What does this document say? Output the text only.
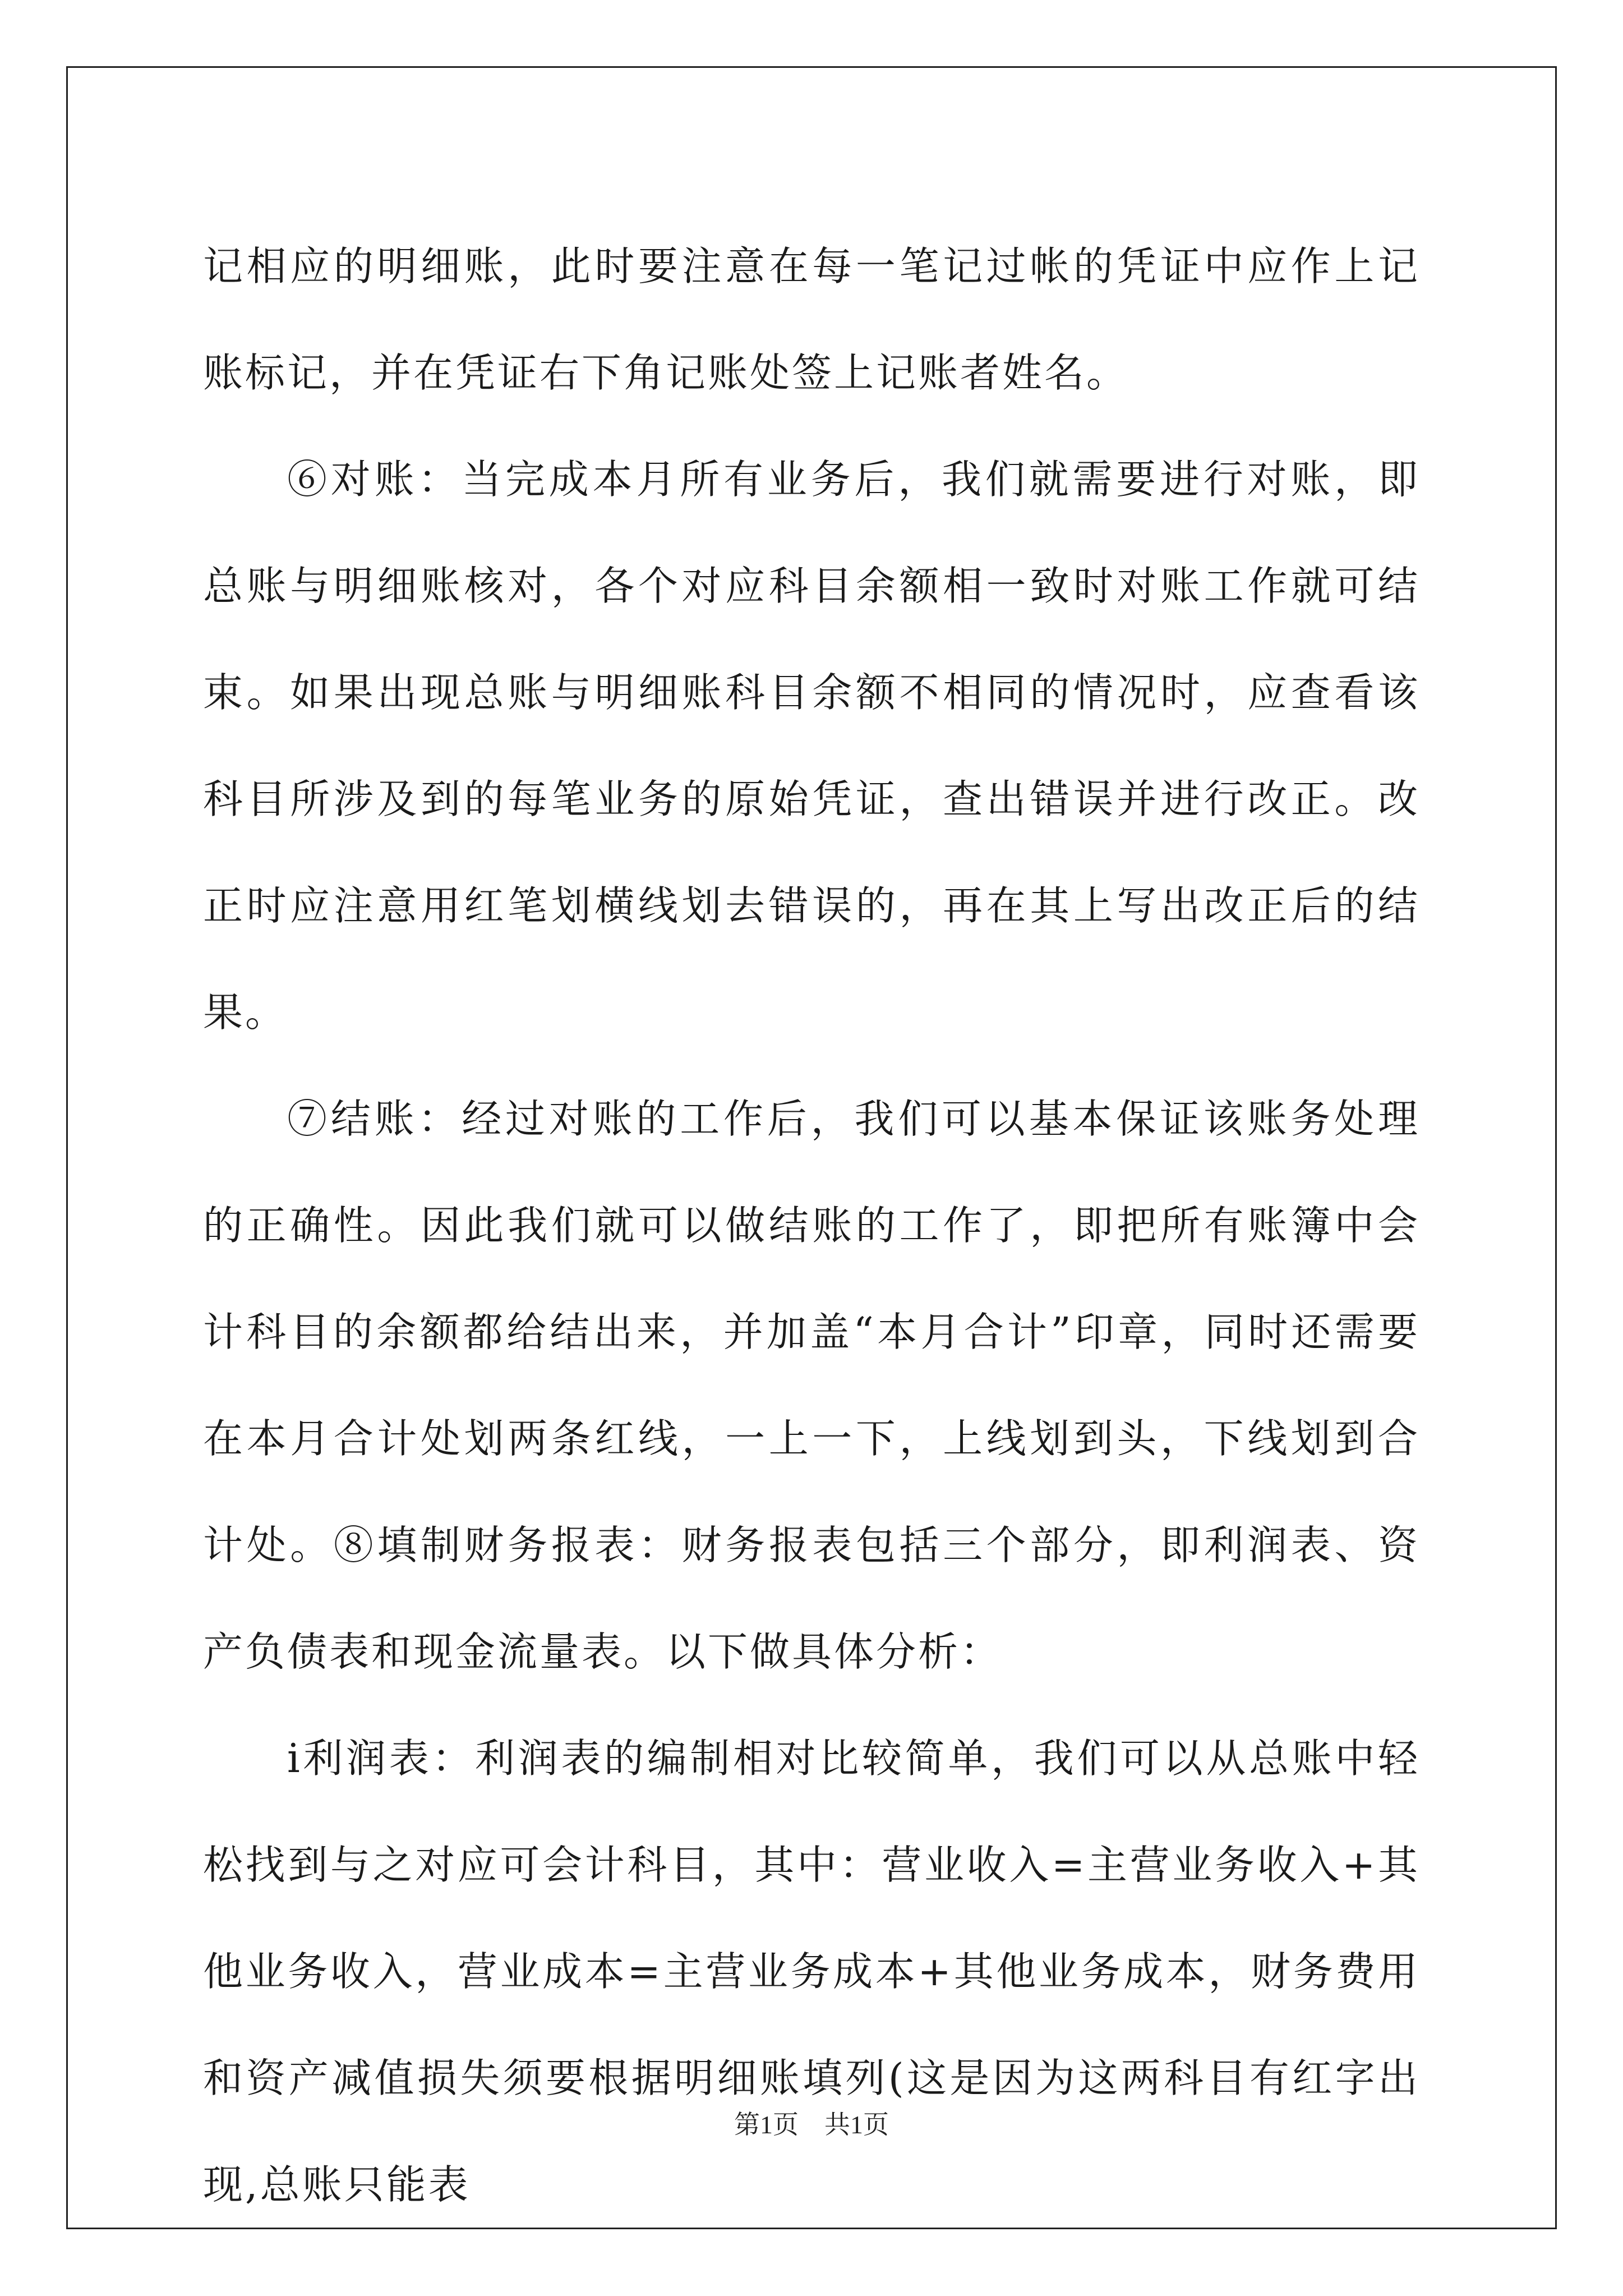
记相应的明细账，此时要注意在每一笔记过帐的凭证中应作上记账标记，并在凭证右下角记账处签上记账者姓名。

⑥对账：当完成本月所有业务后，我们就需要进行对账，即总账与明细账核对，各个对应科目余额相一致时对账工作就可结束。如果出现总账与明细账科目余额不相同的情况时，应查看该科目所涉及到的每笔业务的原始凭证，查出错误并进行改正。改正时应注意用红笔划横线划去错误的，再在其上写出改正后的结果。

⑦结账：经过对账的工作后，我们可以基本保证该账务处理的正确性。因此我们就可以做结账的工作了，即把所有账簿中会计科目的余额都给结出来，并加盖“本月合计”印章，同时还需要在本月合计处划两条红线，一上一下，上线划到头，下线划到合计处。⑧填制财务报表：财务报表包括三个部分，即利润表、资产负债表和现金流量表。以下做具体分析：

ⅰ利润表：利润表的编制相对比较简单，我们可以从总账中轻松找到与之对应可会计科目，其中：营业收入=主营业务收入+其他业务收入，营业成本=主营业务成本+其他业务成本，财务费用和资产减值损失须要根据明细账填列(这是因为这两科目有红字出现,总账只能表

第1页　共1页
